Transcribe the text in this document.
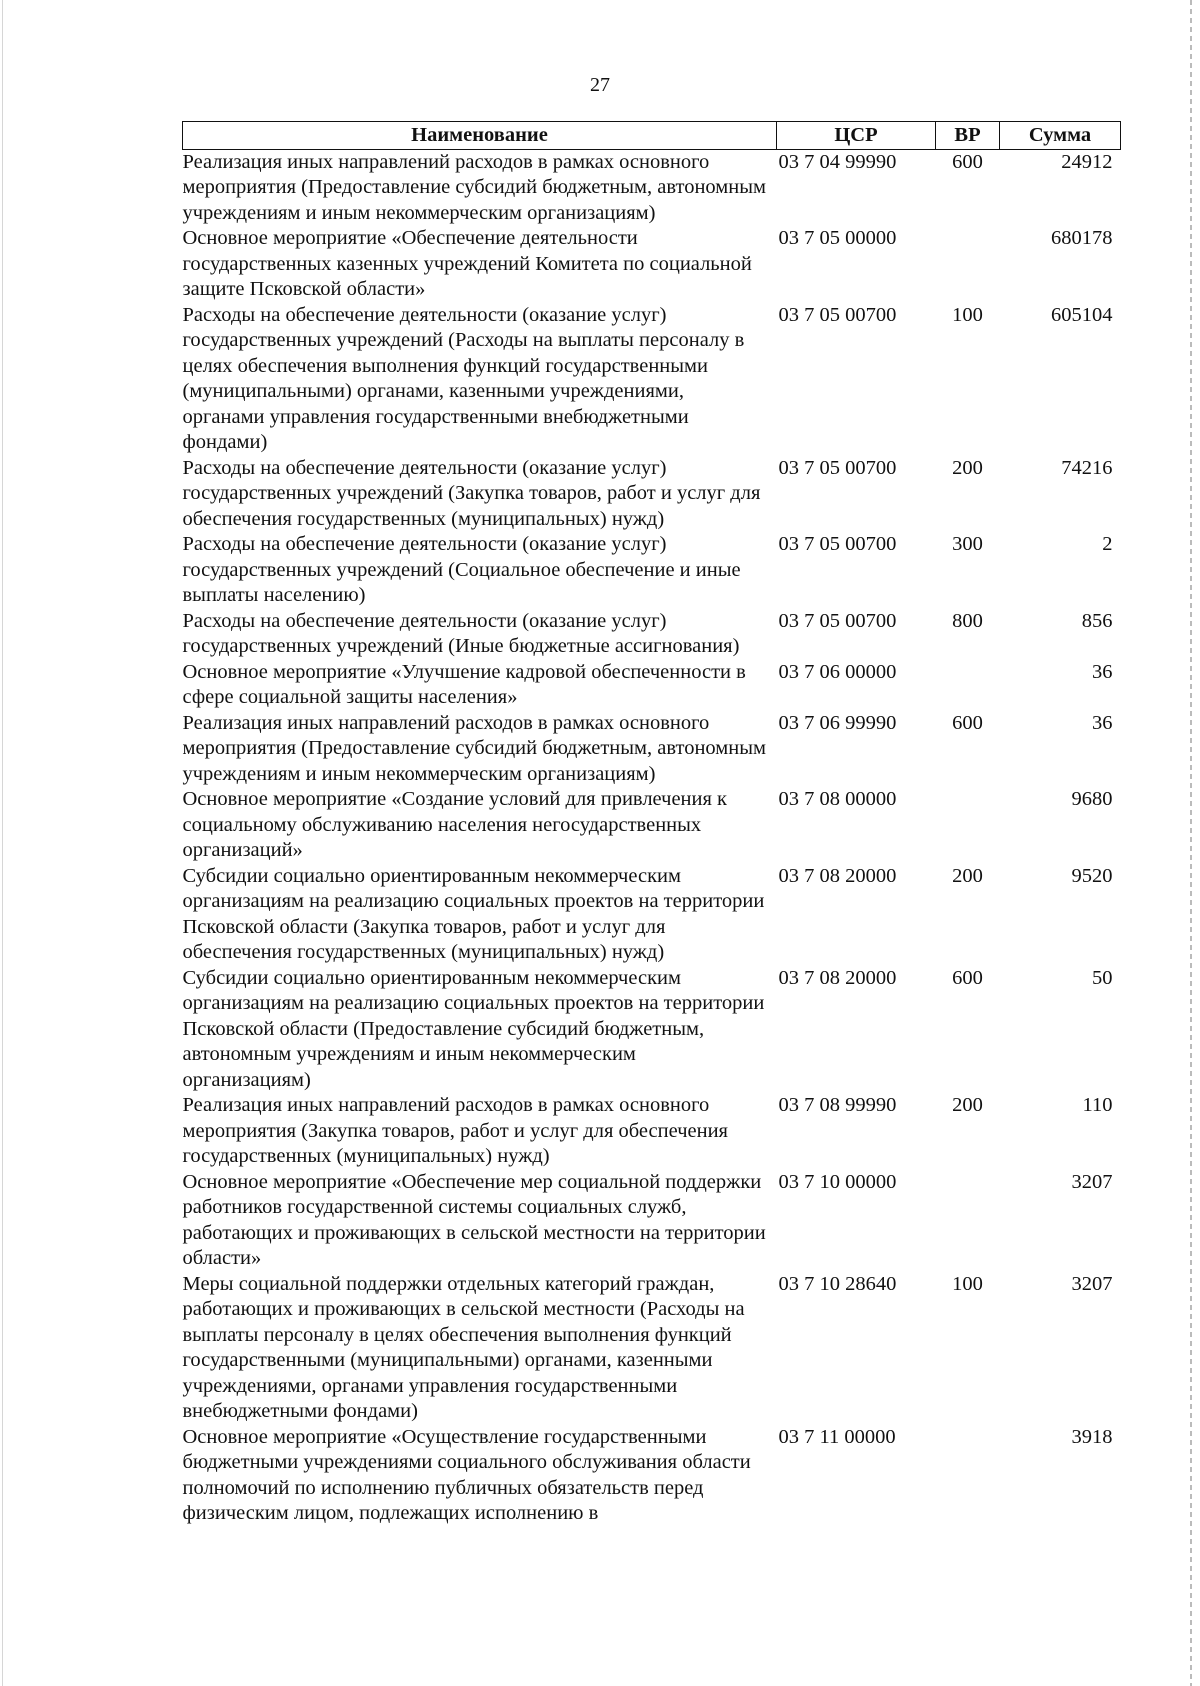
27
Наименование	ЦСР	ВР	Сумма
Реализация иных направлений расходов в рамках основного мероприятия (Предоставление субсидий бюджетным, автономным учреждениям и иным некоммерческим организациям)	03 7 04 99990	600	24912
Основное мероприятие «Обеспечение деятельности государственных казенных учреждений Комитета по социальной защите Псковской области»	03 7 05 00000		680178
Расходы на обеспечение деятельности (оказание услуг) государственных учреждений (Расходы на выплаты персоналу в целях обеспечения выполнения функций государственными (муниципальными) органами, казенными учреждениями, органами управления государственными внебюджетными фондами)	03 7 05 00700	100	605104
Расходы на обеспечение деятельности (оказание услуг) государственных учреждений (Закупка товаров, работ и услуг для обеспечения государственных (муниципальных) нужд)	03 7 05 00700	200	74216
Расходы на обеспечение деятельности (оказание услуг) государственных учреждений (Социальное обеспечение и иные выплаты населению)	03 7 05 00700	300	2
Расходы на обеспечение деятельности (оказание услуг) государственных учреждений (Иные бюджетные ассигнования)	03 7 05 00700	800	856
Основное мероприятие «Улучшение кадровой обеспеченности в сфере социальной защиты населения»	03 7 06 00000		36
Реализация иных направлений расходов в рамках основного мероприятия (Предоставление субсидий бюджетным, автономным учреждениям и иным некоммерческим организациям)	03 7 06 99990	600	36
Основное мероприятие «Создание условий для привлечения к социальному обслуживанию населения негосударственных организаций»	03 7 08 00000		9680
Субсидии социально ориентированным некоммерческим организациям на реализацию социальных проектов на территории Псковской области (Закупка товаров, работ и услуг для обеспечения государственных (муниципальных) нужд)	03 7 08 20000	200	9520
Субсидии социально ориентированным некоммерческим организациям на реализацию социальных проектов на территории Псковской области (Предоставление субсидий бюджетным, автономным учреждениям и иным некоммерческим организациям)	03 7 08 20000	600	50
Реализация иных направлений расходов в рамках основного мероприятия (Закупка товаров, работ и услуг для обеспечения государственных (муниципальных) нужд)	03 7 08 99990	200	110
Основное мероприятие «Обеспечение мер социальной поддержки работников государственной системы социальных служб, работающих и проживающих в сельской местности на территории области»	03 7 10 00000		3207
Меры социальной поддержки отдельных категорий граждан, работающих и проживающих в сельской местности (Расходы на выплаты персоналу в целях обеспечения выполнения функций государственными (муниципальными) органами, казенными учреждениями, органами управления государственными внебюджетными фондами)	03 7 10 28640	100	3207
Основное мероприятие «Осуществление государственными бюджетными учреждениями социального обслуживания области полномочий по исполнению публичных обязательств перед физическим лицом, подлежащих исполнению в	03 7 11 00000		3918
